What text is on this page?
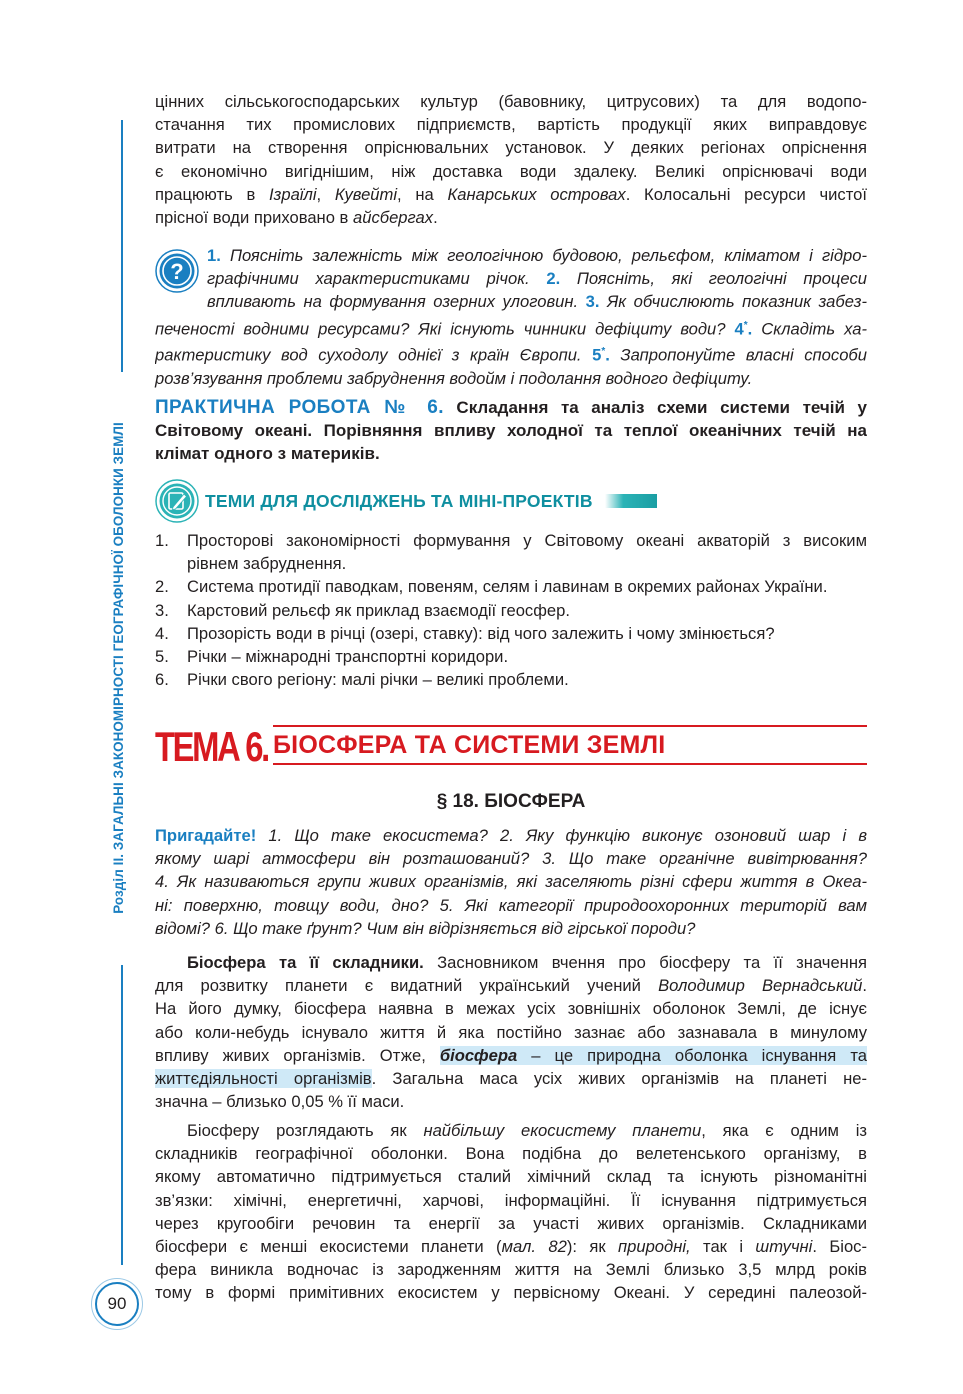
Розділ ІІ. ЗАГАЛЬНІ ЗАКОНОМІРНОСТІ ГЕОГРАФІЧНОЇ ОБОЛОНКИ ЗЕМЛІ
90
цінних сільськогосподарських культур (бавовнику, цитрусових) та для водопо-
стачання тих промислових підприємств, вартість продукції яких виправдовує
витрати на створення опріснювальних установок. У деяких регіонах опріснення
є економічно вигіднішим, ніж доставка води здалеку. Великі опріснювачі води
працюють в Ізраїлі, Кувейті, на Канарських островах. Колосальні ресурси чистої
прісної води приховано в айсбергах.
?
1. Поясніть залежність між геологічною будовою, рельєфом, кліматом і гідро-
графічними характеристиками річок. 2. Поясніть, які геологічні процеси
впливають на формування озерних улоговин. 3. Як обчислюють показник забез-
печеності водними ресурсами? Які існують чинники дефіциту води? 4*. Складіть ха-
рактеристику вод суходолу однієї з країн Європи. 5*. Запропонуйте власні способи
розв’язування проблеми забруднення водойм і подолання водного дефіциту.
ПРАКТИЧНА РОБОТА № 6. Складання та аналіз схеми системи течій у
Світовому океані. Порівняння впливу холодної та теплої океанічних течій на
клімат одного з материків.
ТЕМИ ДЛЯ ДОСЛІДЖЕНЬ ТА МІНІ-ПРОЕКТІВ
1. Просторові закономірності формування у Світовому океані акваторій з високим
рівнем забруднення.
2. Система протидії паводкам, повеням, селям і лавинам в окремих районах України.
3. Карстовий рельєф як приклад взаємодії геосфер.
4. Прозорість води в річці (озері, ставку): від чого залежить і чому змінюється?
5. Річки – міжнародні транспортні коридори.
6. Річки свого регіону: малі річки – великі проблеми.
ТЕМА 6. БІОСФЕРА ТА СИСТЕМИ ЗЕМЛІ
§ 18. БІОСФЕРА
Пригадайте! 1. Що таке екосистема? 2. Яку функцію виконує озоновий шар і в
якому шарі атмосфери він розташований? 3. Що таке органічне вивітрювання?
4. Як називаються групи живих організмів, які заселяють різні сфери життя в Океа-
ні: поверхню, товщу води, дно? 5. Які категорії природоохоронних територій вам
відомі? 6. Що таке ґрунт? Чим він відрізняється від гірської породи?
Біосфера та її складники. Засновником вчення про біосферу та її значення
для розвитку планети є видатний український учений Володимир Вернадський.
На його думку, біосфера наявна в межах усіх зовнішніх оболонок Землі, де існує
або коли-небудь існувало життя й яка постійно зазнає або зазнавала в минулому
впливу живих організмів. Отже, біосфера – це природна оболонка існування та
життєдіяльності організмів. Загальна маса усіх живих організмів на планеті не-
значна – близько 0,05 % її маси.
Біосферу розглядають як найбільшу екосистему планети, яка є одним із
складників географічної оболонки. Вона подібна до велетенського організму, в
якому автоматично підтримується сталий хімічний склад та існують різноманітні
зв’язки: хімічні, енергетичні, харчові, інформаційні. Її існування підтримується
через кругообіги речовин та енергії за участі живих організмів. Складниками
біосфери є менші екосистеми планети (мал. 82): як природні, так і штучні. Біос-
фера виникла водночас із зародженням життя на Землі близько 3,5 млрд років
тому в формі примітивних екосистем у первісному Океані. У середині палеозой-
